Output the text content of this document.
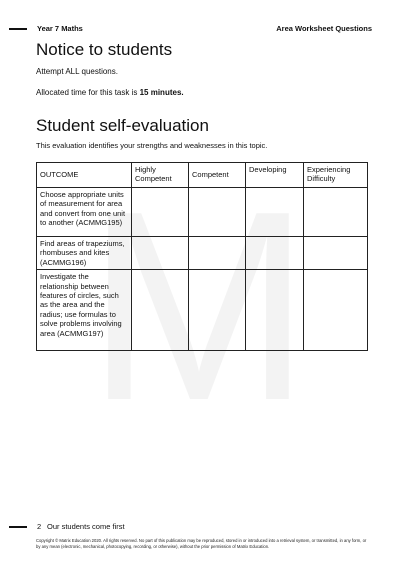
Year 7 Maths	Area Worksheet Questions
Notice to students
Attempt ALL questions.
Allocated time for this task is 15 minutes.
Student self-evaluation
This evaluation identifies your strengths and weaknesses in this topic.
OUTCOME	Highly Competent	Competent	Developing	Experiencing Difficulty
Choose appropriate units of measurement for area and convert from one unit to another (ACMMG195)				
Find areas of trapeziums, rhombuses and kites (ACMMG196)				
Investigate the relationship between features of circles, such as the area and the radius; use formulas to solve problems involving area (ACMMG197)				
2 Our students come first
Copyright © Matrix Education 2020. All rights reserved. No part of this publication may be reproduced, stored in or introduced into a retrieval system, or transmitted, in any form, or by any mean (electronic, mechanical, photocopying, recording, or otherwise), without the prior permission of Matrix Education.
